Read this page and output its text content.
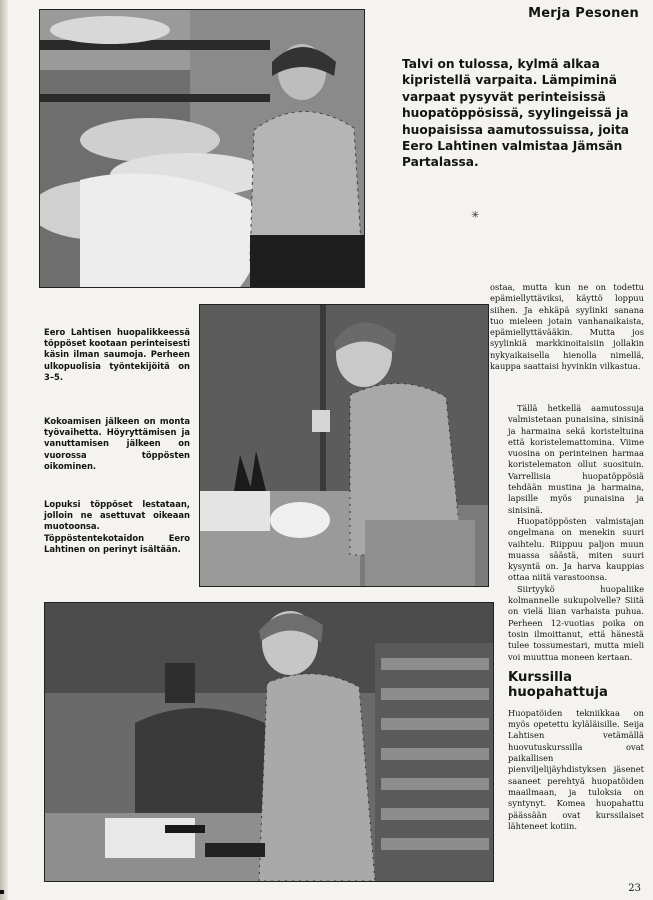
Merja Pesonen

Talvi on tulossa, kylmä alkaa kipristellä varpaita. Lämpiminä varpaat pysyvät perinteisissä huopatöppösissä, syylingeissä ja huopaisissa aamutossuissa, joita Eero Lahtinen valmistaa Jämsän Partalassa.

✳

Eero Lahtisen huopalikkeessä töppöset kootaan perinteisesti käsin ilman saumoja. Perheen ulkopuolisia työntekijöitä on 3–5.

Kokoamisen jälkeen on monta työvaihetta. Höyryttämisen ja vanuttamisen jälkeen on vuorossa töppösten oikominen.

Lopuksi töppöset lestataan, jolloin ne asettuvat oikeaan muotoonsa. Töppöstentekotaidon Eero Lahtinen on perinyt isältään.

ostaa, mutta kun ne on todettu epämiellyttäviksi, käyttö loppuu siihen. Ja ehkäpä syylinki sanana tuo mieleen jotain vanhanaikaista, epämiellyttävääkin. Mutta jos syylinkiä markkinoitaisiin jollakin nykyaikaisella hienolla nimellä, kauppa saattaisi hyvinkin vilkastua.

Tällä hetkellä aamutossuja valmistetaan punaisina, sinisinä ja harmaina sekä koristeltuina että koristelemattomina. Viime vuosina on perinteinen harmaa koristelematon ollut suosituin. Varrellisia huopatöppösiä tehdään mustina ja harmaina, lapsille myös punaisina ja sinisinä.

Huopatöppösten valmistajan ongelmana on menekin suuri vaihtelu. Riippuu paljon muun muassa säästä, miten suuri kysyntä on. Ja harva kauppias ottaa niitä varastoonsa.

Siirtyykö huopaliike kolmannelle sukupolvelle? Siitä on vielä liian varhaista puhua. Perheen 12-vuotias poika on tosin ilmoittanut, että hänestä tulee tossumestari, mutta mieli voi muuttua moneen kertaan.

Kurssilla huopahattuja

Huopatöiden tekniikkaa on myös opetettu kyläläisille. Seija Lahtisen vetämällä huovutuskurssilla ovat paikallisen pienviljelijäyhdistyksen jäsenet saaneet perehtyä huopatöiden maailmaan, ja tuloksia on syntynyt. Komea huopahattu päässään ovat kurssilaiset lähteneet kotiin.

23
